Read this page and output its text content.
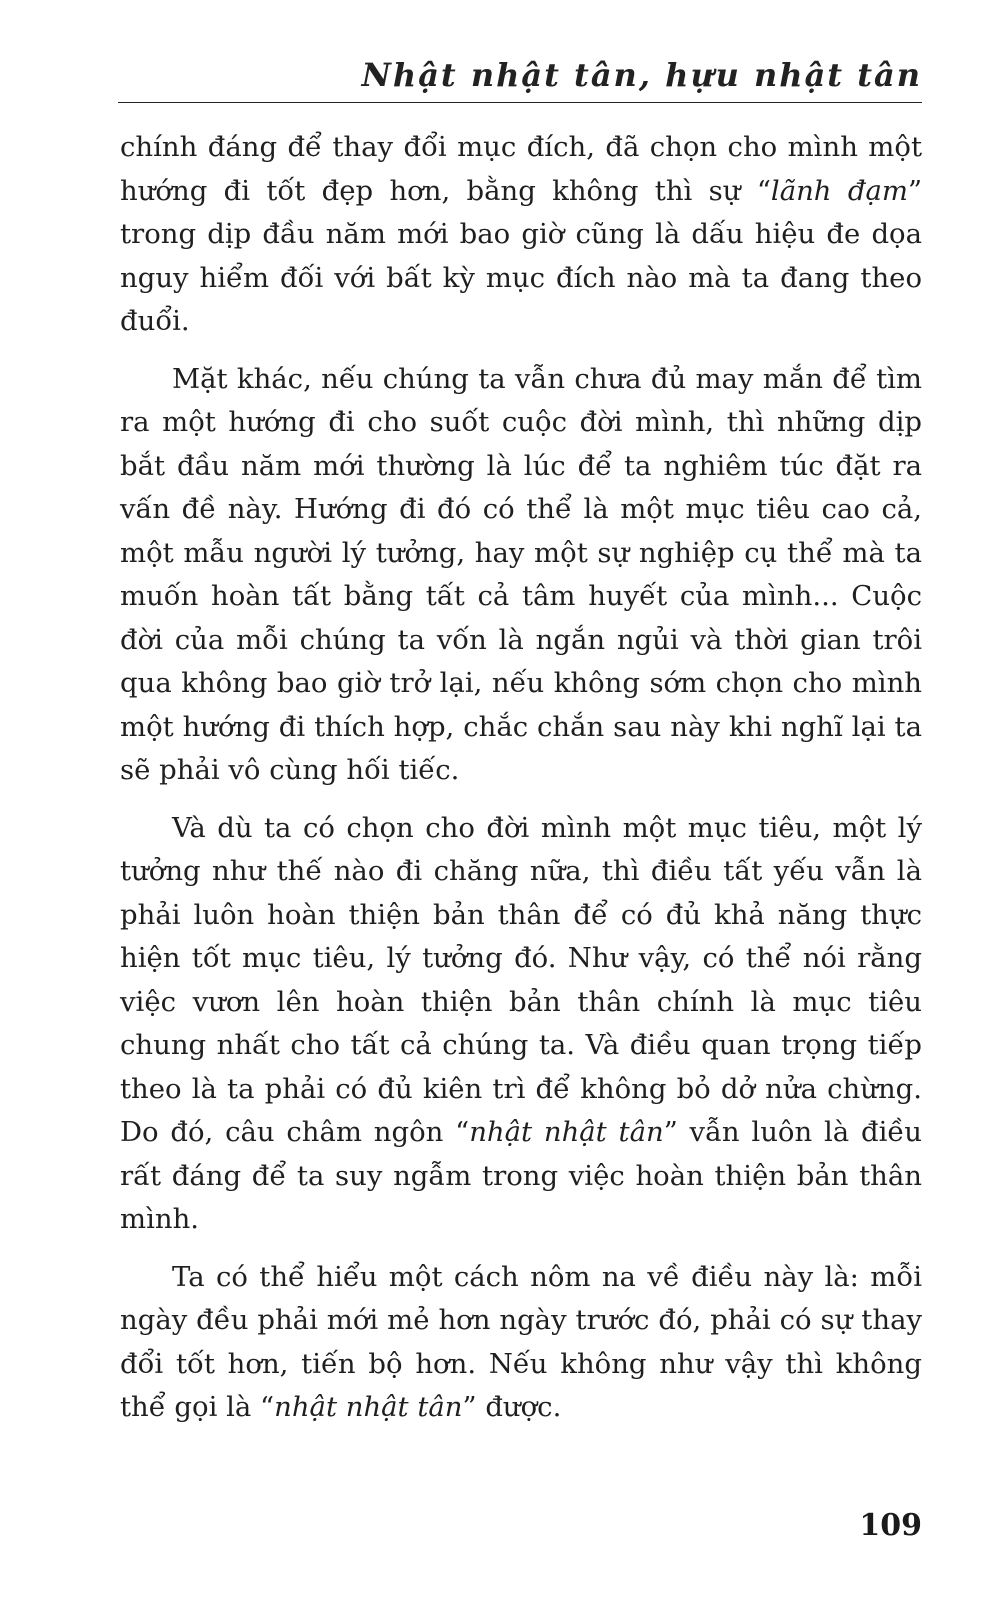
Nhật nhật tân, hựu nhật tân

chính đáng để thay đổi mục đích, đã chọn cho mình một hướng đi tốt đẹp hơn, bằng không thì sự “lãnh đạm” trong dịp đầu năm mới bao giờ cũng là dấu hiệu đe dọa nguy hiểm đối với bất kỳ mục đích nào mà ta đang theo đuổi.

Mặt khác, nếu chúng ta vẫn chưa đủ may mắn để tìm ra một hướng đi cho suốt cuộc đời mình, thì những dịp bắt đầu năm mới thường là lúc để ta nghiêm túc đặt ra vấn đề này. Hướng đi đó có thể là một mục tiêu cao cả, một mẫu người lý tưởng, hay một sự nghiệp cụ thể mà ta muốn hoàn tất bằng tất cả tâm huyết của mình... Cuộc đời của mỗi chúng ta vốn là ngắn ngủi và thời gian trôi qua không bao giờ trở lại, nếu không sớm chọn cho mình một hướng đi thích hợp, chắc chắn sau này khi nghĩ lại ta sẽ phải vô cùng hối tiếc.

Và dù ta có chọn cho đời mình một mục tiêu, một lý tưởng như thế nào đi chăng nữa, thì điều tất yếu vẫn là phải luôn hoàn thiện bản thân để có đủ khả năng thực hiện tốt mục tiêu, lý tưởng đó. Như vậy, có thể nói rằng việc vươn lên hoàn thiện bản thân chính là mục tiêu chung nhất cho tất cả chúng ta. Và điều quan trọng tiếp theo là ta phải có đủ kiên trì để không bỏ dở nửa chừng. Do đó, câu châm ngôn “nhật nhật tân” vẫn luôn là điều rất đáng để ta suy ngẫm trong việc hoàn thiện bản thân mình.

Ta có thể hiểu một cách nôm na về điều này là: mỗi ngày đều phải mới mẻ hơn ngày trước đó, phải có sự thay đổi tốt hơn, tiến bộ hơn. Nếu không như vậy thì không thể gọi là “nhật nhật tân” được.

109
